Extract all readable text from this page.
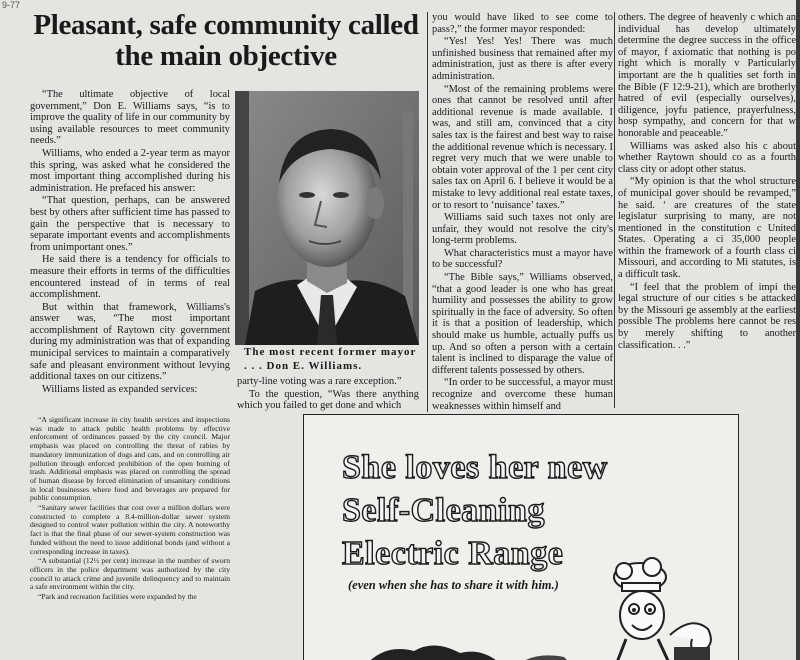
9-77
Pleasant, safe community called the main objective

“The ultimate objective of local government,” Don E. Williams says, “is to improve the quality of life in our community by using available resources to meet community needs.”

Williams, who ended a 2-year term as mayor this spring, was asked what he considered the most important thing accomplished during his administration. He prefaced his answer:

“That question, perhaps, can be answered best by others after sufficient time has passed to gain the perspective that is necessary to separate important events and accomplishments from unimportant ones.”

He said there is a tendency for officials to measure their efforts in terms of the difficulties encountered instead of in terms of real accomplishment.

But within that framework, Williams's answer was, “The most important accomplishment of Raytown city government during my administration was that of expanding municipal services to maintain a comparatively safe and pleasant environment without levying additional taxes on our citizens.”

Williams listed as expanded services:

“A significant increase in city health services and inspections was made to attack public health problems by effective enforcement of ordinances passed by the city council. Major emphasis was placed on controlling the threat of rabies by mandatory immunization of dogs and cats, and on controlling air pollution through enforced prohibition of the open burning of trash. Additional emphasis was placed on controlling the spread of human disease by forced elimination of unsanitary conditions in local businesses where food and beverages are prepared for public consumption.

“Sanitary sewer facilities that cost over a million dollars were constructed to complete a 8.4-million-dollar sewer system designed to control water pollution within the city. A noteworthy fact is that the final phase of our sewer-system construction was funded without the need to issue additional bonds (and without a corresponding increase in taxes).

“A substantial (12½ per cent) increase in the number of sworn officers in the police department was authorized by the city council to attack crime and juvenile delinquency and to maintain a safe environment within the city.

“Park and recreation facilities were expanded by the

The most recent former mayor . . . Don E. Williams.

party-line voting was a rare exception.”

To the question, “Was there anything which you failed to get done and which

you would have liked to see come to pass?,” the former mayor responded:

“Yes! Yes! Yes! There was much unfinished business that remained after my administration, just as there is after every administration.

“Most of the remaining problems were ones that cannot be resolved until after additional revenue is made available. I was, and still am, convinced that a city sales tax is the fairest and best way to raise the additional revenue which is necessary. I regret very much that we were unable to obtain voter approval of the 1 per cent city sales tax on April 6. I believe it would be a mistake to levy additional real estate taxes, or to resort to ‘nuisance’ taxes.”

Williams said such taxes not only are unfair, they would not resolve the city's long-term problems.

What characteristics must a mayor have to be successful?

“The Bible says,” Williams observed, “that a good leader is one who has great humility and possesses the ability to grow spiritually in the face of adversity. So often it is that a position of leadership, which should make us humble, actually puffs us up. And so often a person with a certain talent is inclined to disparage the value of different talents possessed by others.

“In order to be successful, a mayor must recognize and overcome these human weaknesses within himself and

others. The degree of heavenly c which an individual has develop ultimately determine the degree success in the office of mayor, f axiomatic that nothing is po right which is morally v Particularly important are the h qualities set forth in the Bible (F 12:9-21), which are brotherly hatred of evil (especially ourselves), diligence, joyfu patience, prayerfulness, hosp sympathy, and concern for that w honorable and peaceable.”

Williams was asked also his c about whether Raytown should co as a fourth class city or adopt other status.

“My opinion is that the whol structure of municipal gover should be revamped,” he said. ‘ are creatures of the state legislatur surprising to many, are not mentioned in the constitution c United States. Operating a ci 35,000 people within the framework of a fourth class ci Missouri, and according to Mi statutes, is a difficult task.

“I feel that the problem of impi the legal structure of our cities s be attacked by the Missouri ge assembly at the earliest possible The problems here cannot be res by merely shifting to another classification. . .”

She loves her new
Self-Cleaning
Electric Range
(even when she has to share it with him.)
